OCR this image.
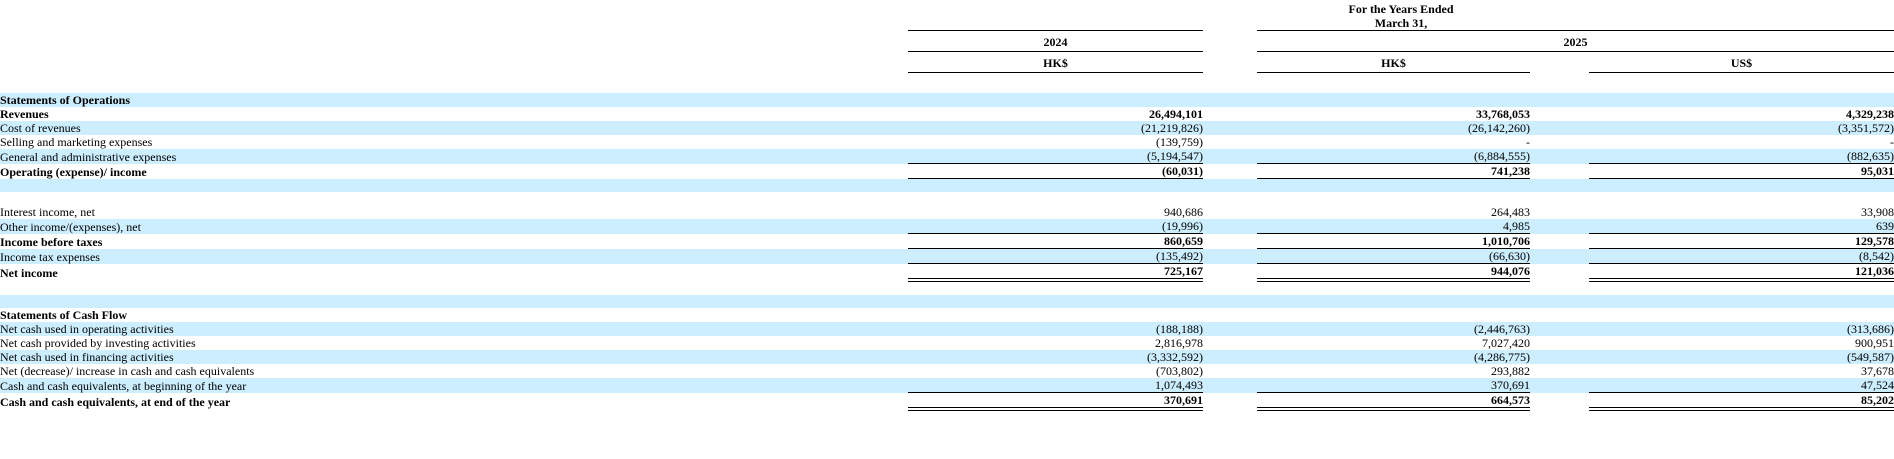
	For the Years Ended
March 31,				

	2024		2025		
	HK$		HK$		US$

Statements of Operations					
Revenues	26,494,101		33,768,053		4,329,238
Cost of revenues	(21,219,826)		(26,142,260)		(3,351,572)
Selling and marketing expenses	(139,759)		-		-
General and administrative expenses	(5,194,547)		(6,884,555)		(882,635)
Operating (expense)/ income	(60,031)		741,238		95,031

Interest income, net	940,686		264,483		33,908
Other income/(expenses), net	(19,996)		4,985		639
Income before taxes	860,659		1,010,706		129,578
Income tax expenses	(135,492)		(66,630)		(8,542)
Net income	725,167		944,076		121,036

Statements of Cash Flow					
Net cash used in operating activities	(188,188)		(2,446,763)		(313,686)
Net cash provided by investing activities	2,816,978		7,027,420		900,951
Net cash used in financing activities	(3,332,592)		(4,286,775)		(549,587)
Net (decrease)/ increase in cash and cash equivalents	(703,802)		293,882		37,678
Cash and cash equivalents, at beginning of the year	1,074,493		370,691		47,524
Cash and cash equivalents, at end of the year	370,691		664,573		85,202
